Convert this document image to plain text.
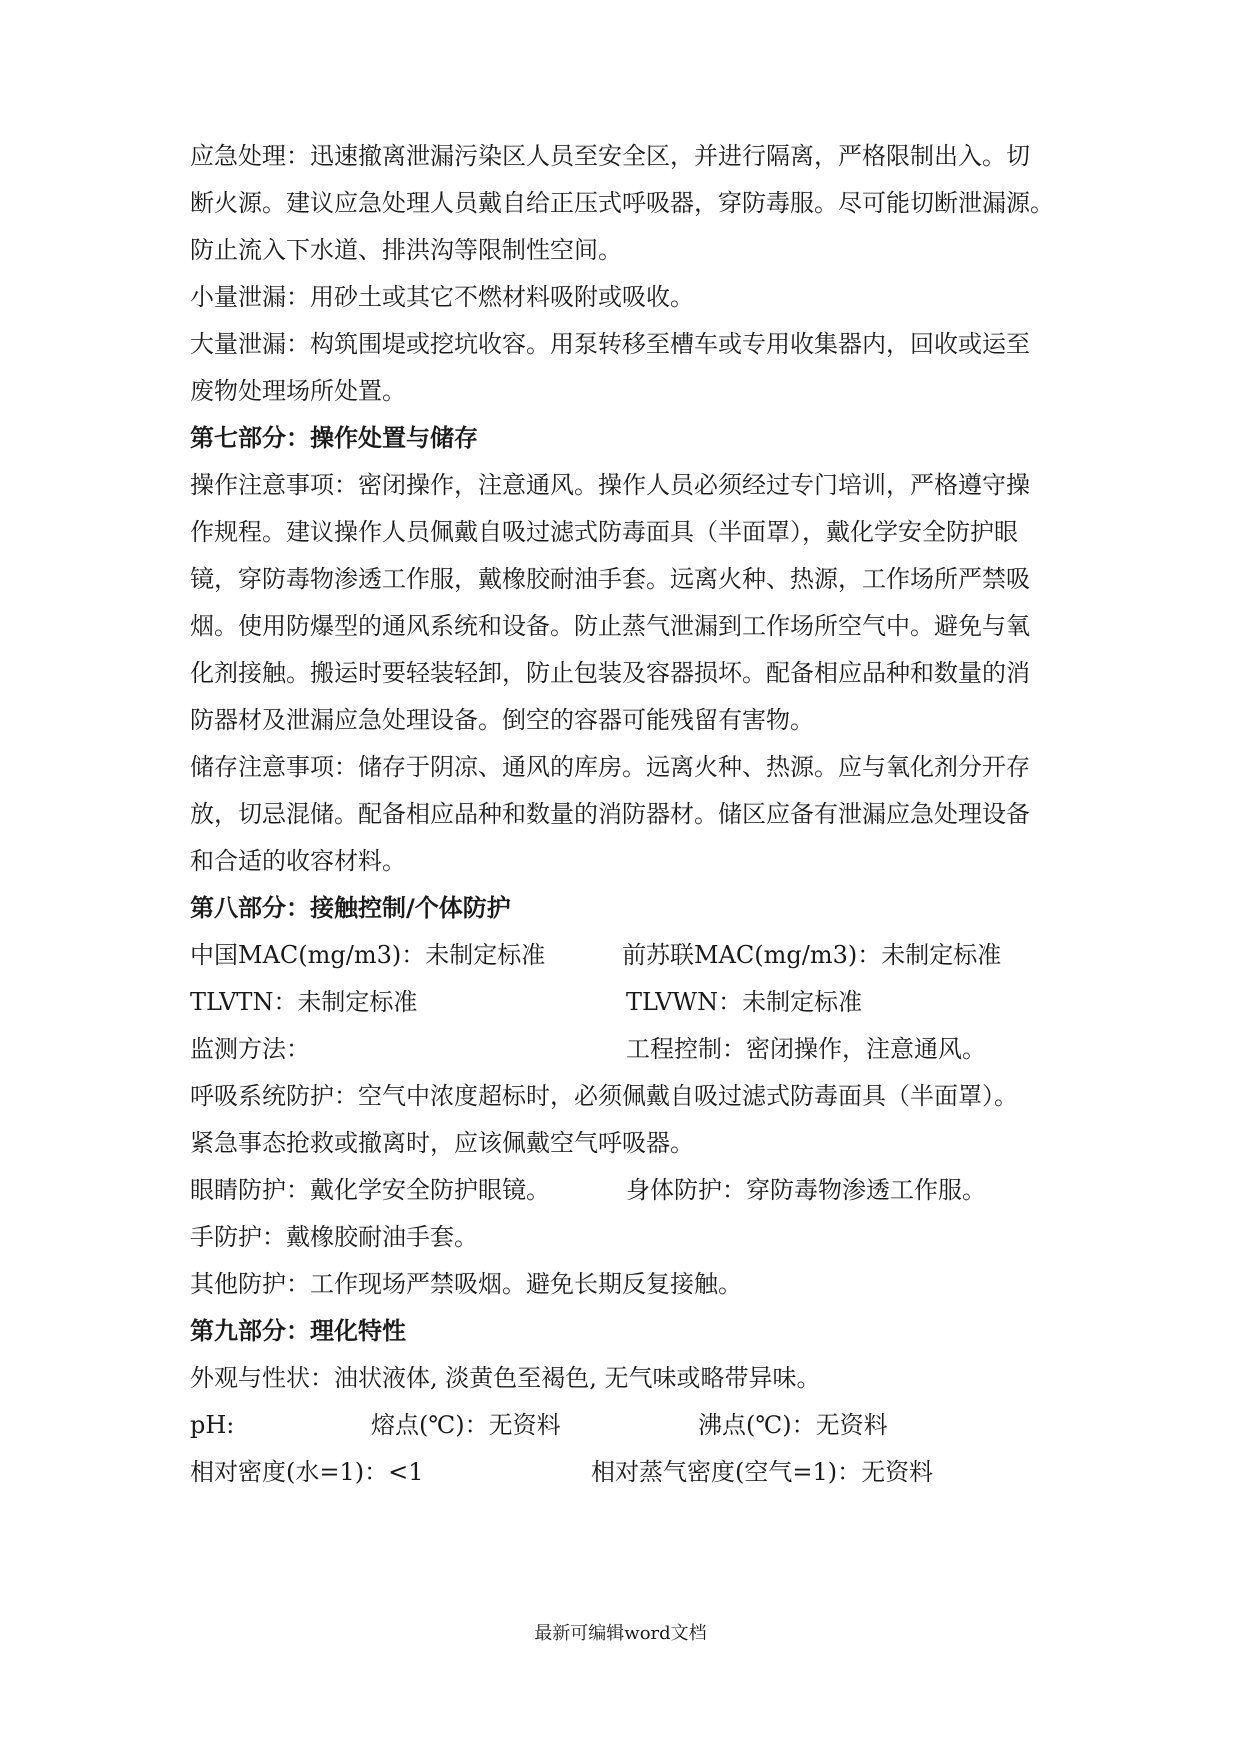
应急处理：迅速撤离泄漏污染区人员至安全区，并进行隔离，严格限制出入。切
断火源。建议应急处理人员戴自给正压式呼吸器，穿防毒服。尽可能切断泄漏源。
防止流入下水道、排洪沟等限制性空间。
小量泄漏：用砂土或其它不燃材料吸附或吸收。
大量泄漏：构筑围堤或挖坑收容。用泵转移至槽车或专用收集器内，回收或运至
废物处理场所处置。
第七部分：操作处置与储存
操作注意事项：密闭操作，注意通风。操作人员必须经过专门培训，严格遵守操
作规程。建议操作人员佩戴自吸过滤式防毒面具（半面罩），戴化学安全防护眼
镜，穿防毒物渗透工作服，戴橡胶耐油手套。远离火种、热源，工作场所严禁吸
烟。使用防爆型的通风系统和设备。防止蒸气泄漏到工作场所空气中。避免与氧
化剂接触。搬运时要轻装轻卸，防止包装及容器损坏。配备相应品种和数量的消
防器材及泄漏应急处理设备。倒空的容器可能残留有害物。
储存注意事项：储存于阴凉、通风的库房。远离火种、热源。应与氧化剂分开存
放，切忌混储。配备相应品种和数量的消防器材。储区应备有泄漏应急处理设备
和合适的收容材料。
第八部分：接触控制/个体防护
中国MAC(mg/m3)：未制定标准	前苏联MAC(mg/m3)：未制定标准
TLVTN：未制定标准	TLVWN：未制定标准
监测方法：	工程控制：密闭操作，注意通风。
呼吸系统防护：空气中浓度超标时，必须佩戴自吸过滤式防毒面具（半面罩）。
紧急事态抢救或撤离时，应该佩戴空气呼吸器。
眼睛防护：戴化学安全防护眼镜。	身体防护：穿防毒物渗透工作服。
手防护：戴橡胶耐油手套。
其他防护：工作现场严禁吸烟。避免长期反复接触。
第九部分：理化特性
外观与性状：油状液体, 淡黄色至褐色, 无气味或略带异味。
pH:	熔点(℃)：无资料	沸点(℃)：无资料
相对密度(水=1)：<1	相对蒸气密度(空气=1)：无资料
最新可编辑word文档
